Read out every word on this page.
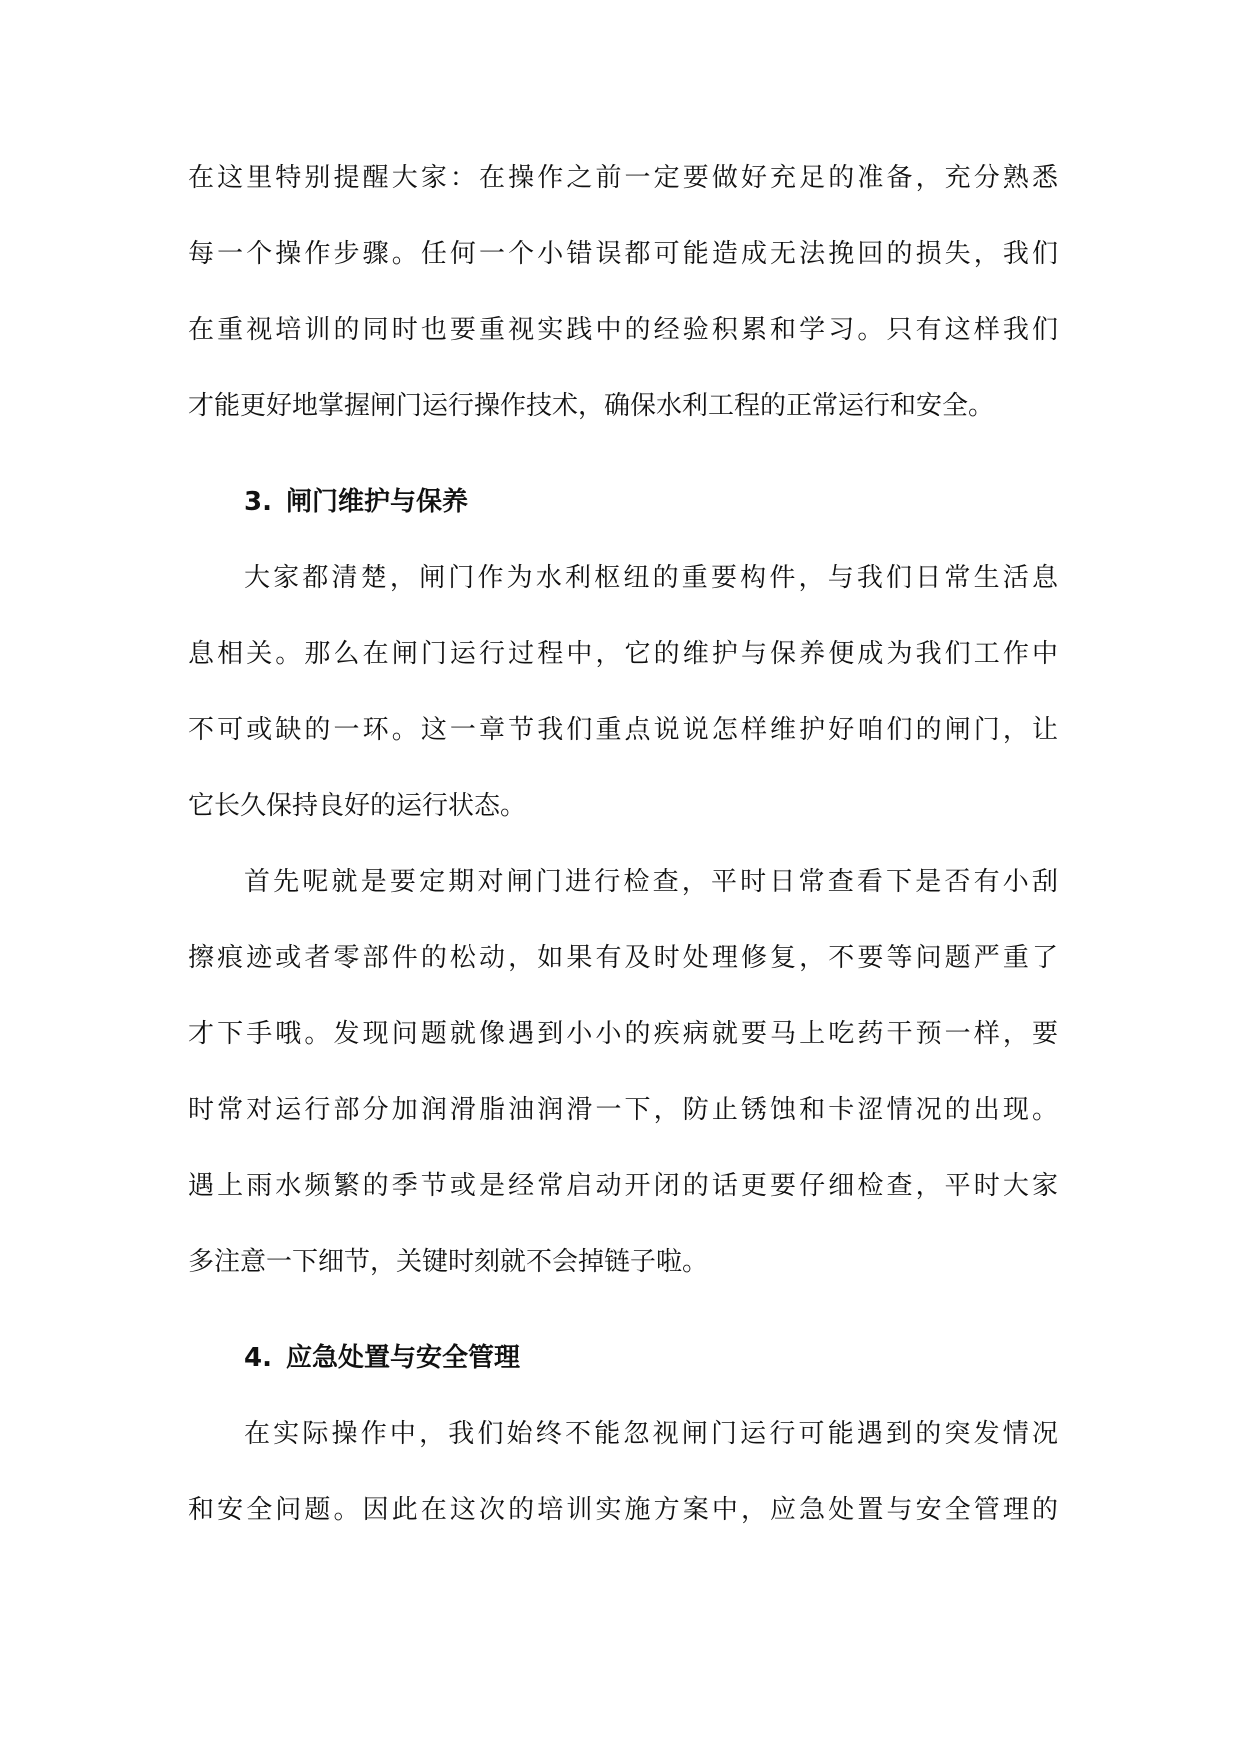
在这里特别提醒大家：在操作之前一定要做好充足的准备，充分熟悉
每一个操作步骤。任何一个小错误都可能造成无法挽回的损失，我们
在重视培训的同时也要重视实践中的经验积累和学习。只有这样我们
才能更好地掌握闸门运行操作技术，确保水利工程的正常运行和安全。
3. 闸门维护与保养
大家都清楚，闸门作为水利枢纽的重要构件，与我们日常生活息
息相关。那么在闸门运行过程中，它的维护与保养便成为我们工作中
不可或缺的一环。这一章节我们重点说说怎样维护好咱们的闸门，让
它长久保持良好的运行状态。
首先呢就是要定期对闸门进行检查，平时日常查看下是否有小刮
擦痕迹或者零部件的松动，如果有及时处理修复，不要等问题严重了
才下手哦。发现问题就像遇到小小的疾病就要马上吃药干预一样，要
时常对运行部分加润滑脂油润滑一下，防止锈蚀和卡涩情况的出现。
遇上雨水频繁的季节或是经常启动开闭的话更要仔细检查，平时大家
多注意一下细节，关键时刻就不会掉链子啦。
4. 应急处置与安全管理
在实际操作中，我们始终不能忽视闸门运行可能遇到的突发情况
和安全问题。因此在这次的培训实施方案中，应急处置与安全管理的
